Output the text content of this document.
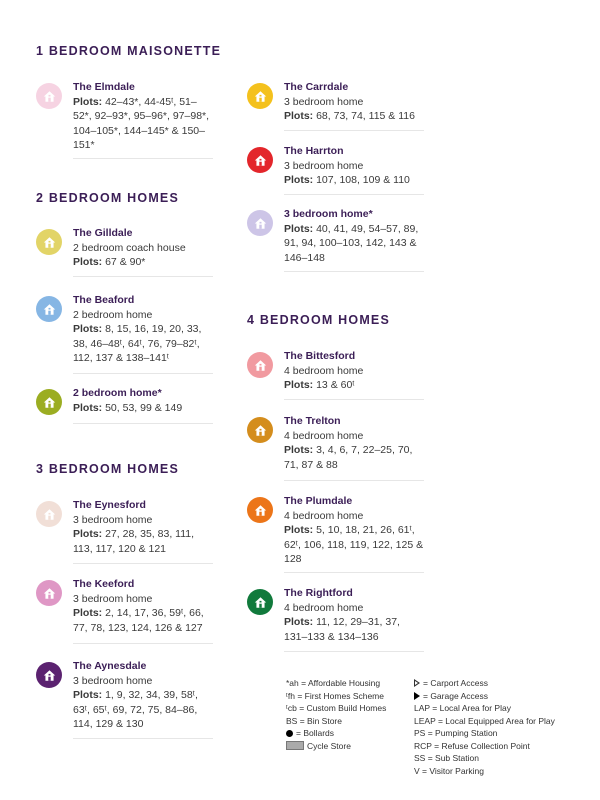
1 BEDROOM MAISONETTE
The Elmdale
Plots: 42–43*, 44-45ᵗ, 51–52*, 92–93*, 95–96*, 97–98*, 104–105*, 144–145* & 150–151*
2 BEDROOM HOMES
The Gilldale
2 bedroom coach house
Plots: 67 & 90*
The Beaford
2 bedroom home
Plots: 8, 15, 16, 19, 20, 33, 38, 46–48ᵗ, 64ᵗ, 76, 79–82ᵗ, 112, 137 & 138–141ᵗ
2 bedroom home*
Plots: 50, 53, 99 & 149
3 BEDROOM HOMES
The Eynesford
3 bedroom home
Plots: 27, 28, 35, 83, 111, 113, 117, 120 & 121
The Keeford
3 bedroom home
Plots: 2, 14, 17, 36, 59ᵗ, 66, 77, 78, 123, 124, 126 & 127
The Aynesdale
3 bedroom home
Plots: 1, 9, 32, 34, 39, 58ᵗ, 63ᵗ, 65ᵗ, 69, 72, 75, 84–86, 114, 129 & 130
The Carrdale
3 bedroom home
Plots: 68, 73, 74, 115 & 116
The Harrton
3 bedroom home
Plots: 107, 108, 109 & 110
3 bedroom home*
Plots: 40, 41, 49, 54–57, 89, 91, 94, 100–103, 142, 143 & 146–148
4 BEDROOM HOMES
The Bittesford
4 bedroom home
Plots: 13 & 60ᵗ
The Trelton
4 bedroom home
Plots: 3, 4, 6, 7, 22–25, 70, 71, 87 & 88
The Plumdale
4 bedroom home
Plots: 5, 10, 18, 21, 26, 61ᵗ, 62ᵗ, 106, 118, 119, 122, 125 & 128
The Rightford
4 bedroom home
Plots: 11, 12, 29–31, 37, 131–133 & 134–136
*ah = Affordable Housing
ᵗfh = First Homes Scheme
ᵗcb = Custom Build Homes
BS = Bin Store
= Bollards
Cycle Store
= Carport Access
= Garage Access
LAP = Local Area for Play
LEAP = Local Equipped Area for Play
PS = Pumping Station
RCP = Refuse Collection Point
SS = Sub Station
V = Visitor Parking
